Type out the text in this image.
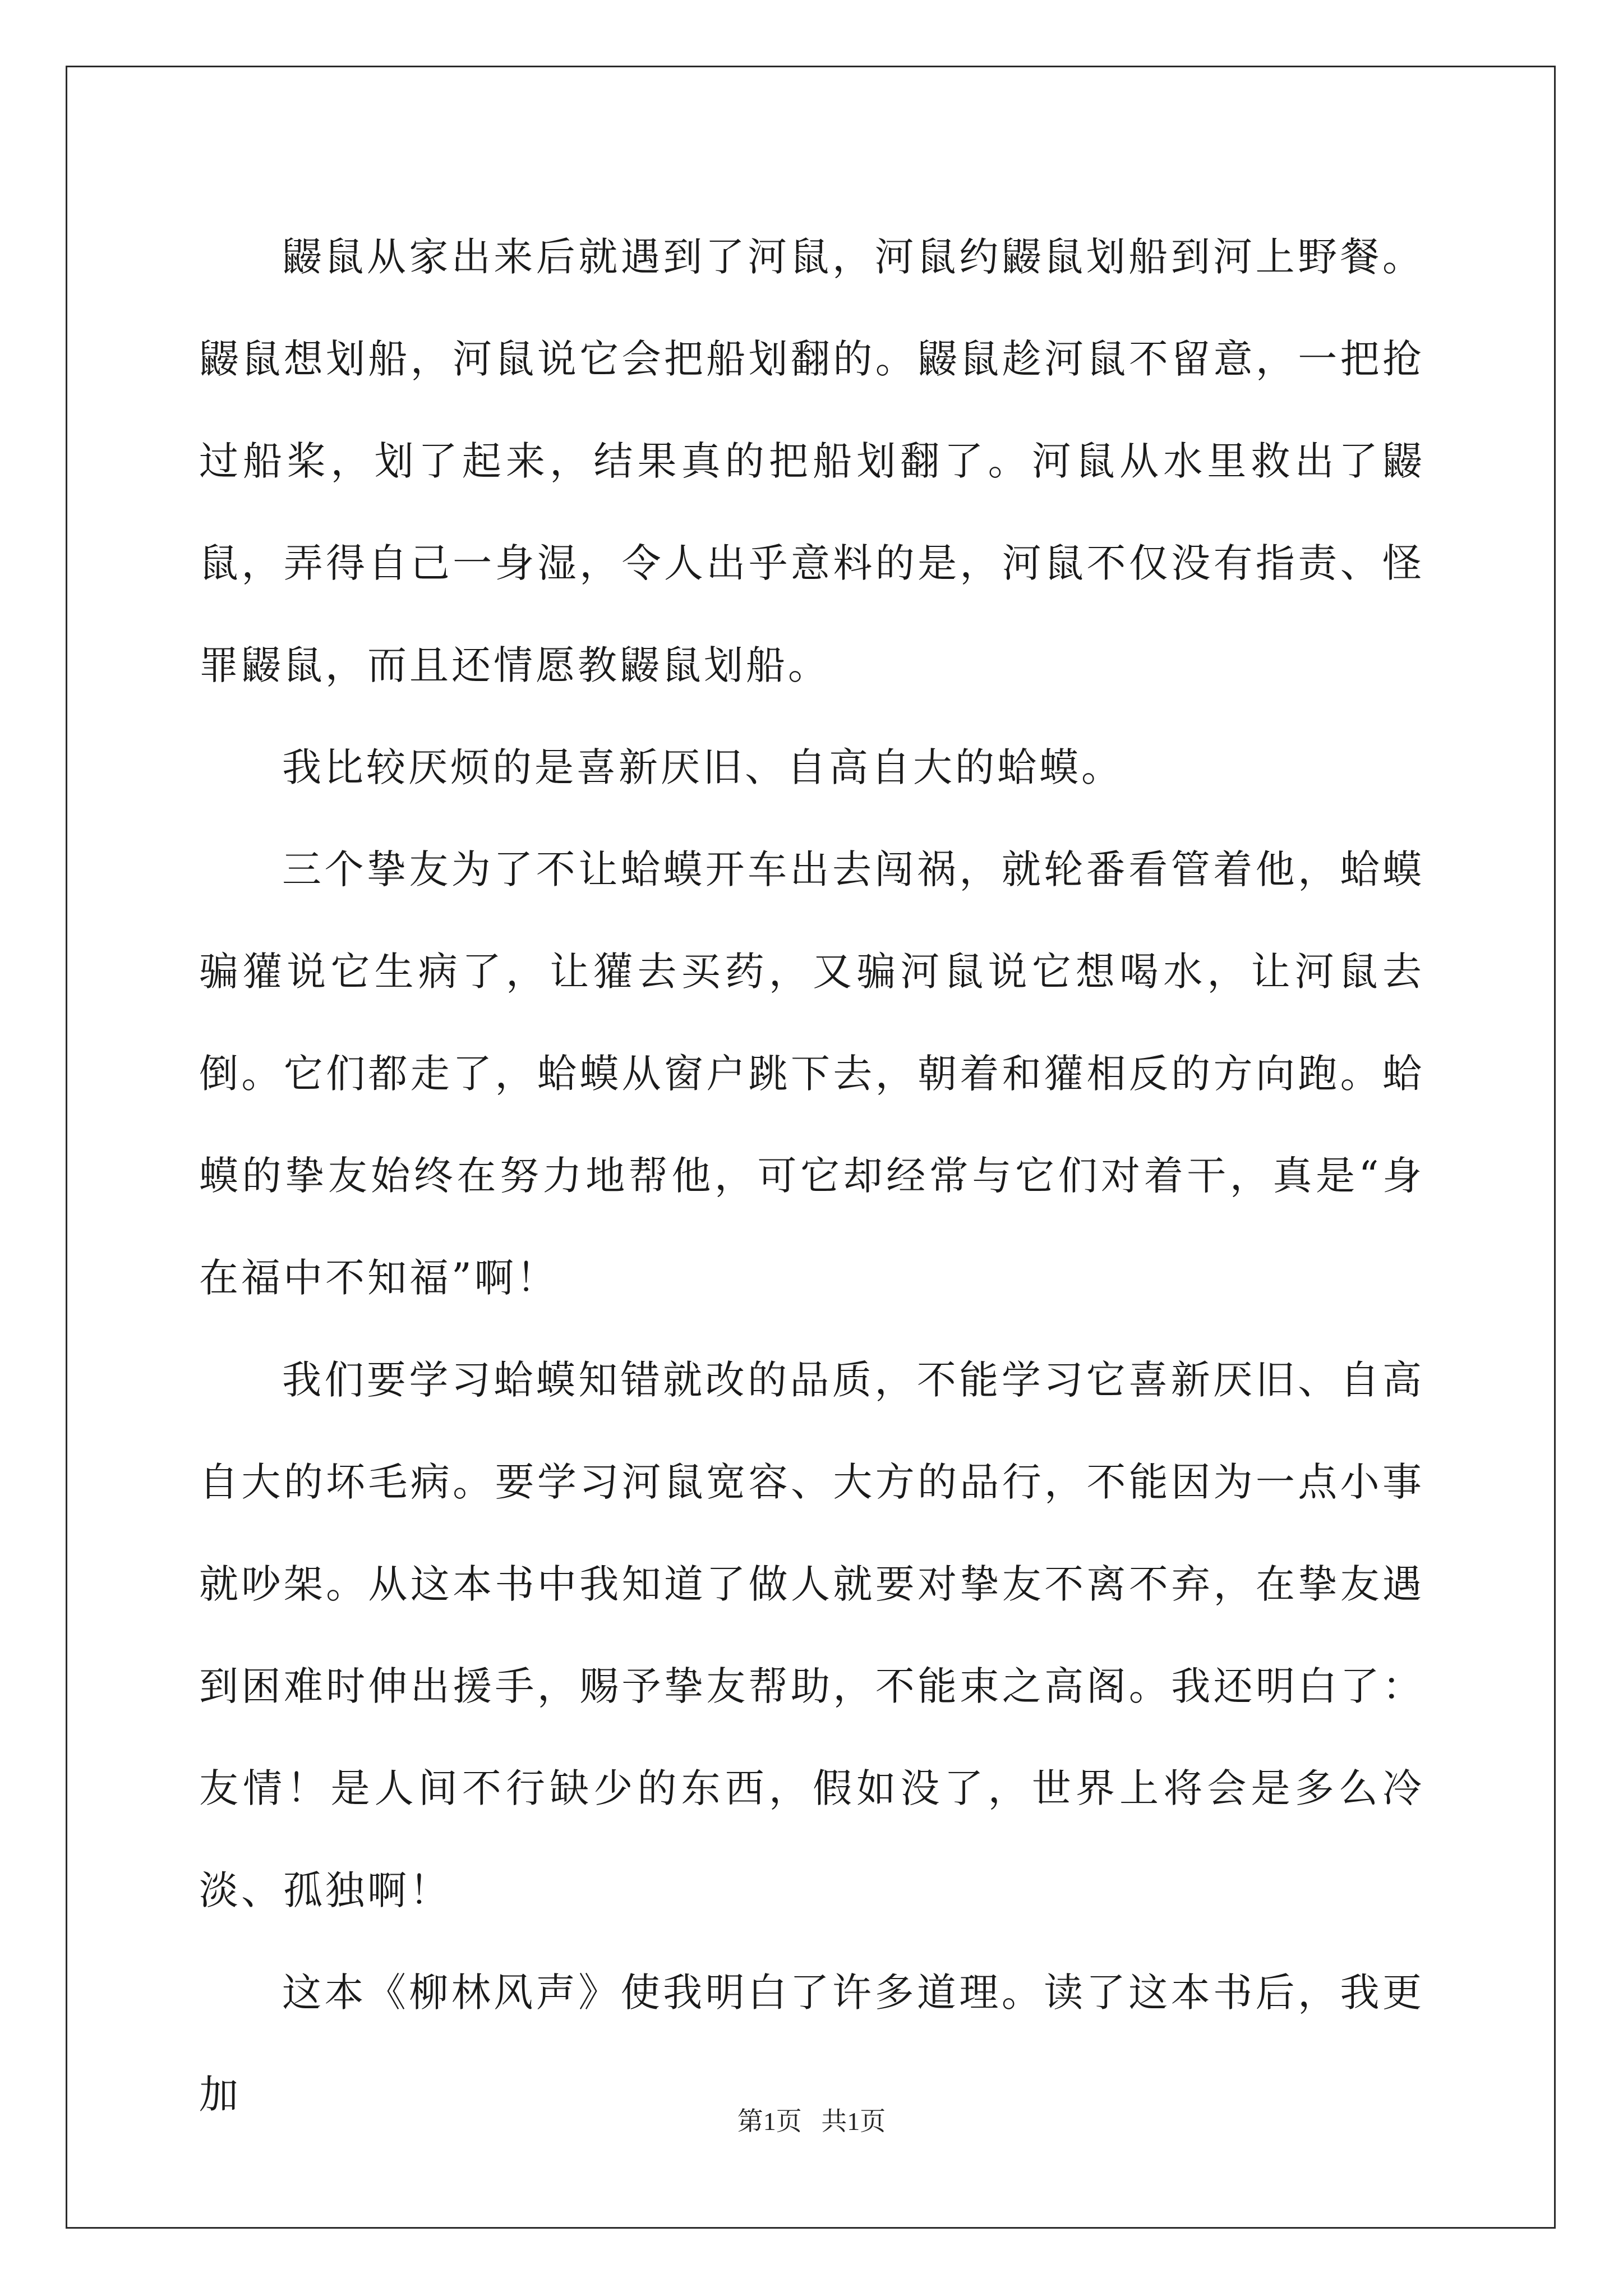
鼹鼠从家出来后就遇到了河鼠，河鼠约鼹鼠划船到河上野餐。鼹鼠想划船，河鼠说它会把船划翻的。鼹鼠趁河鼠不留意，一把抢过船桨，划了起来，结果真的把船划翻了。河鼠从水里救出了鼹鼠，弄得自己一身湿，令人出乎意料的是，河鼠不仅没有指责、怪罪鼹鼠，而且还情愿教鼹鼠划船。

我比较厌烦的是喜新厌旧、自高自大的蛤蟆。

三个挚友为了不让蛤蟆开车出去闯祸，就轮番看管着他，蛤蟆骗獾说它生病了，让獾去买药，又骗河鼠说它想喝水，让河鼠去倒。它们都走了，蛤蟆从窗户跳下去，朝着和獾相反的方向跑。蛤蟆的挚友始终在努力地帮他，可它却经常与它们对着干，真是“身在福中不知福”啊！

我们要学习蛤蟆知错就改的品质，不能学习它喜新厌旧、自高自大的坏毛病。要学习河鼠宽容、大方的品行，不能因为一点小事就吵架。从这本书中我知道了做人就要对挚友不离不弃，在挚友遇到困难时伸出援手，赐予挚友帮助，不能束之高阁。我还明白了：友情！是人间不行缺少的东西，假如没了，世界上将会是多么冷淡、孤独啊！

这本《柳林风声》使我明白了许多道理。读了这本书后，我更加

第1页 共1页
